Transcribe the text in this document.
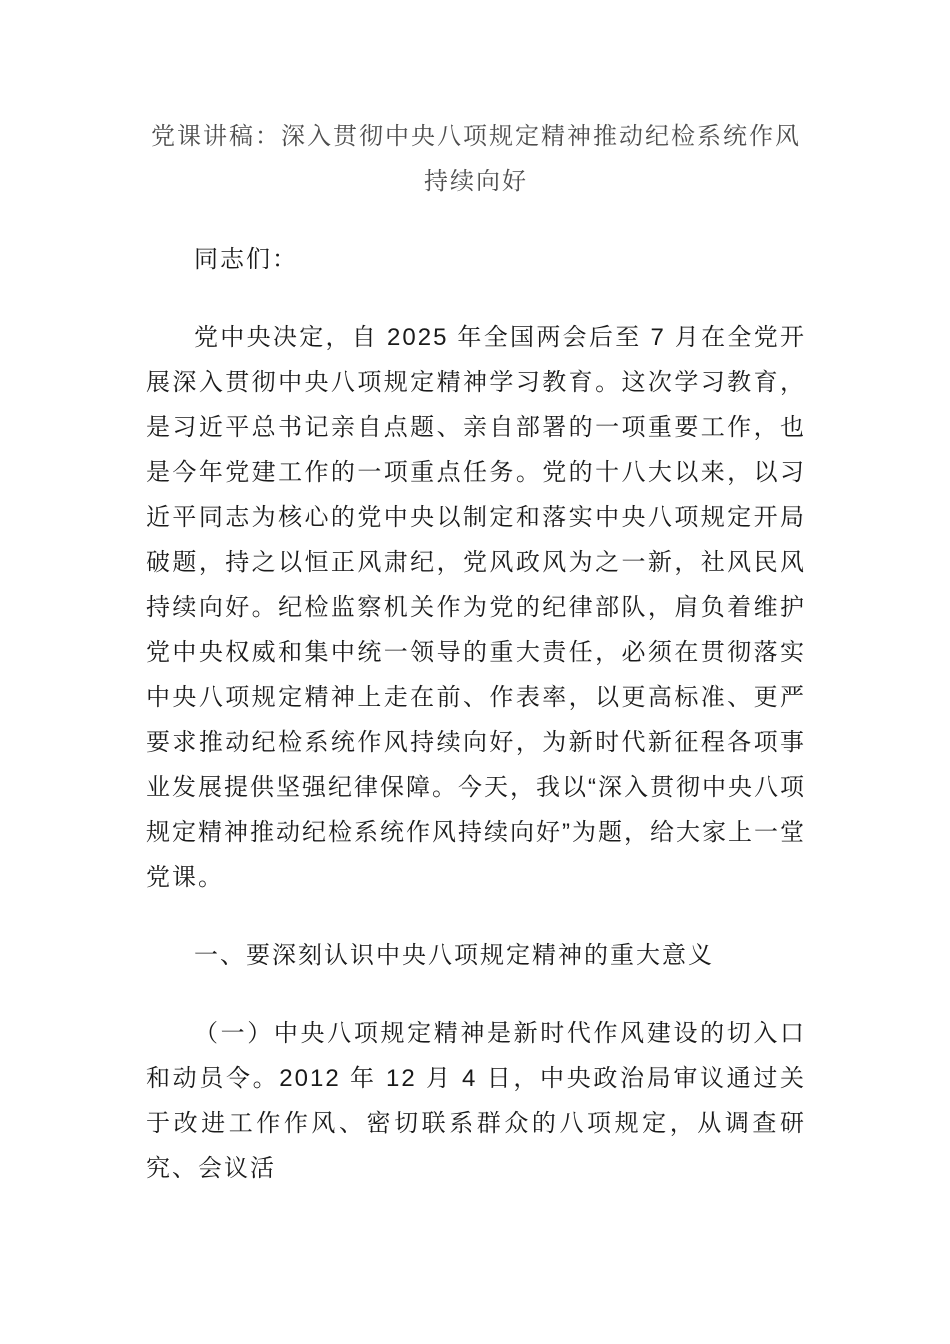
党课讲稿：深入贯彻中央八项规定精神推动纪检系统作风持续向好

同志们：

党中央决定，自 2025 年全国两会后至 7 月在全党开展深入贯彻中央八项规定精神学习教育。这次学习教育，是习近平总书记亲自点题、亲自部署的一项重要工作，也是今年党建工作的一项重点任务。党的十八大以来，以习近平同志为核心的党中央以制定和落实中央八项规定开局破题，持之以恒正风肃纪，党风政风为之一新，社风民风持续向好。纪检监察机关作为党的纪律部队，肩负着维护党中央权威和集中统一领导的重大责任，必须在贯彻落实中央八项规定精神上走在前、作表率，以更高标准、更严要求推动纪检系统作风持续向好，为新时代新征程各项事业发展提供坚强纪律保障。今天，我以“深入贯彻中央八项规定精神推动纪检系统作风持续向好”为题，给大家上一堂党课。

一、要深刻认识中央八项规定精神的重大意义

（一）中央八项规定精神是新时代作风建设的切入口和动员令。2012 年 12 月 4 日，中央政治局审议通过关于改进工作作风、密切联系群众的八项规定，从调查研究、会议活
